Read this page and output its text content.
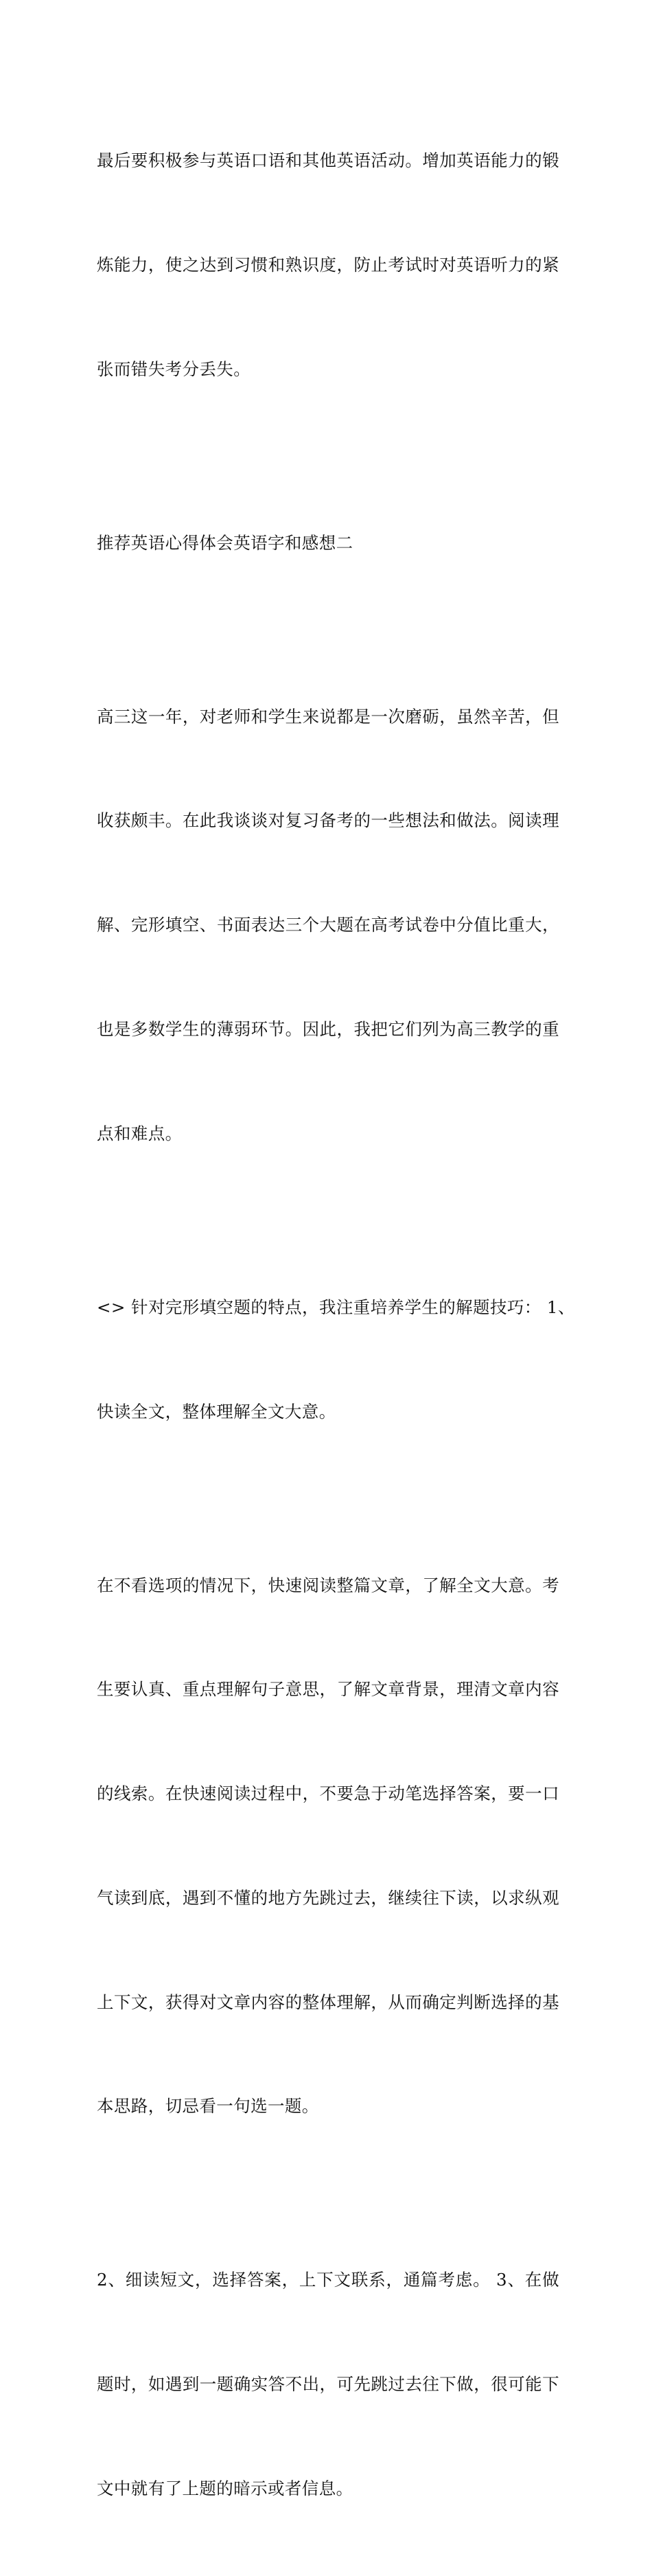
最后要积极参与英语口语和其他英语活动。增加英语能力的锻

炼能力，使之达到习惯和熟识度，防止考试时对英语听力的紧

张而错失考分丢失。

推荐英语心得体会英语字和感想二

高三这一年，对老师和学生来说都是一次磨砺，虽然辛苦，但

收获颇丰。在此我谈谈对复习备考的一些想法和做法。阅读理

解、完形填空、书面表达三个大题在高考试卷中分值比重大，

也是多数学生的薄弱环节。因此，我把它们列为高三教学的重

点和难点。

<> 针对完形填空题的特点，我注重培养学生的解题技巧： 1、

快读全文，整体理解全文大意。

在不看选项的情况下，快速阅读整篇文章，了解全文大意。考

生要认真、重点理解句子意思，了解文章背景，理清文章内容

的线索。在快速阅读过程中，不要急于动笔选择答案，要一口

气读到底，遇到不懂的地方先跳过去，继续往下读，以求纵观

上下文，获得对文章内容的整体理解，从而确定判断选择的基

本思路，切忌看一句选一题。

2、细读短文，选择答案，上下文联系，通篇考虑。 3、在做

题时，如遇到一题确实答不出，可先跳过去往下做，很可能下

文中就有了上题的暗示或者信息。
